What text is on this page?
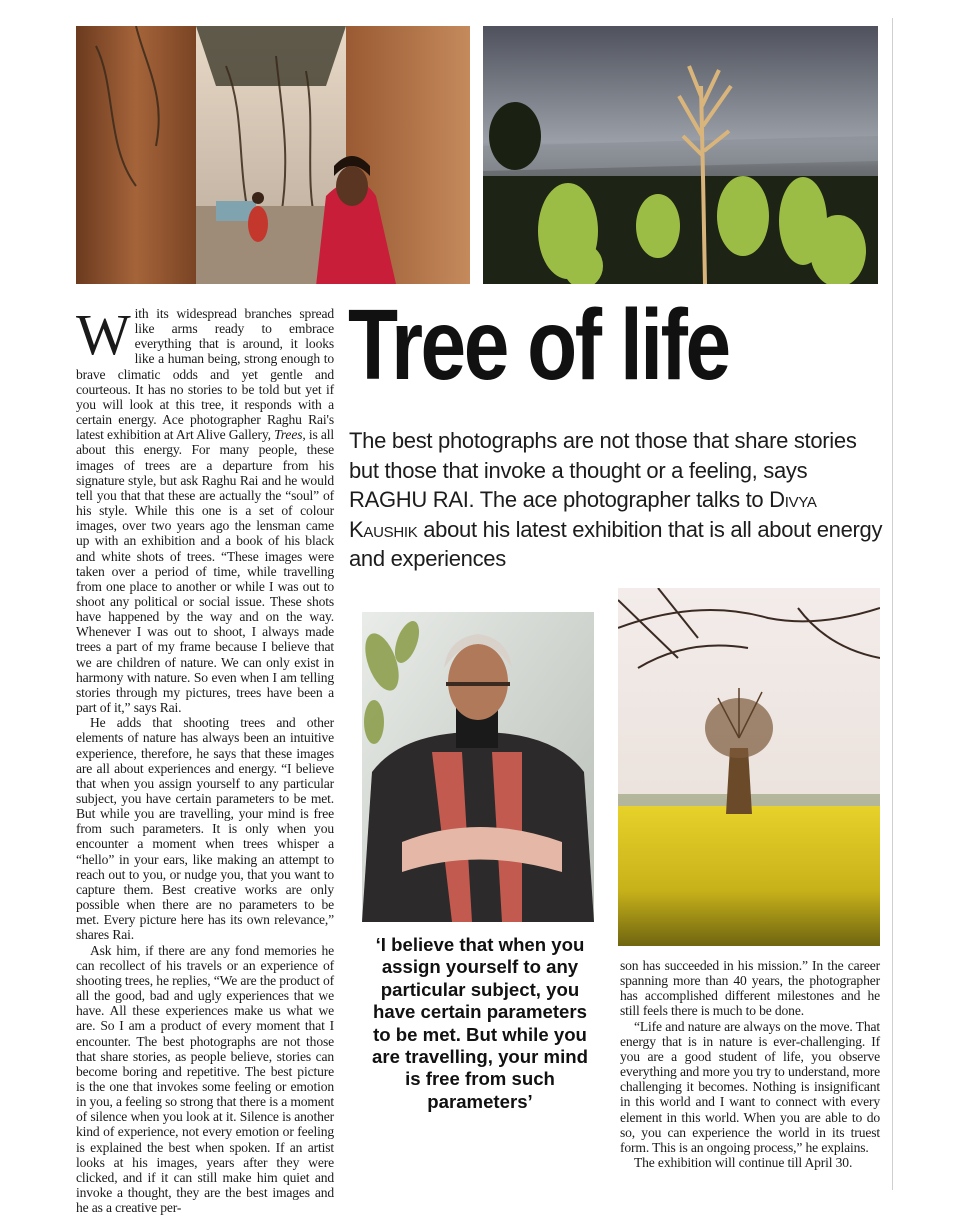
Tree of life
The best photographs are not those that share stories but those that invoke a thought or a feeling, says RAGHU RAI. The ace photographer talks to Divya Kaushik about his latest exhibition that is all about energy and experiences

With its widespread branches spread like arms ready to embrace everything that is around, it looks like a human being, strong enough to brave climatic odds and yet gentle and courteous. It has no stories to be told but yet if you will look at this tree, it responds with a certain energy. Ace photographer Raghu Rai's latest exhibition at Art Alive Gallery, Trees, is all about this energy. For many people, these images of trees are a departure from his signature style, but ask Raghu Rai and he would tell you that that these are actually the “soul” of his style. While this one is a set of colour images, over two years ago the lensman came up with an exhibition and a book of his black and white shots of trees. “These images were taken over a period of time, while travelling from one place to another or while I was out to shoot any political or social issue. These shots have happened by the way and on the way. Whenever I was out to shoot, I always made trees a part of my frame because I believe that we are children of nature. We can only exist in harmony with nature. So even when I am telling stories through my pictures, trees have been a part of it,” says Rai.

He adds that shooting trees and other elements of nature has always been an intuitive experience, therefore, he says that these images are all about experiences and energy. “I believe that when you assign yourself to any particular subject, you have certain parameters to be met. But while you are travelling, your mind is free from such parameters. It is only when you encounter a moment when trees whisper a “hello” in your ears, like making an attempt to reach out to you, or nudge you, that you want to capture them. Best creative works are only possible when there are no parameters to be met. Every picture here has its own relevance,” shares Rai.

Ask him, if there are any fond memories he can recollect of his travels or an experience of shooting trees, he replies, “We are the product of all the good, bad and ugly experiences that we have. All these experiences make us what we are. So I am a product of every moment that I encounter. The best photographs are not those that share stories, as people believe, stories can become boring and repetitive. The best picture is the one that invokes some feeling or emotion in you, a feeling so strong that there is a moment of silence when you look at it. Silence is another kind of experience, not every emotion or feeling is explained the best when spoken. If an artist looks at his images, years after they were clicked, and if it can still make him quiet and invoke a thought, they are the best images and he as a creative per-

‘I believe that when you assign yourself to any particular subject, you have certain parameters to be met. But while you are travelling, your mind is free from such parameters’

son has succeeded in his mission.” In the career spanning more than 40 years, the photographer has accomplished different milestones and he still feels there is much to be done.

“Life and nature are always on the move. That energy that is in nature is ever-challenging. If you are a good student of life, you observe everything and more you try to understand, more challenging it becomes. Nothing is insignificant in this world and I want to connect with every element in this world. When you are able to do so, you can experience the world in its truest form. This is an ongoing process,” he explains.

The exhibition will continue till April 30.
